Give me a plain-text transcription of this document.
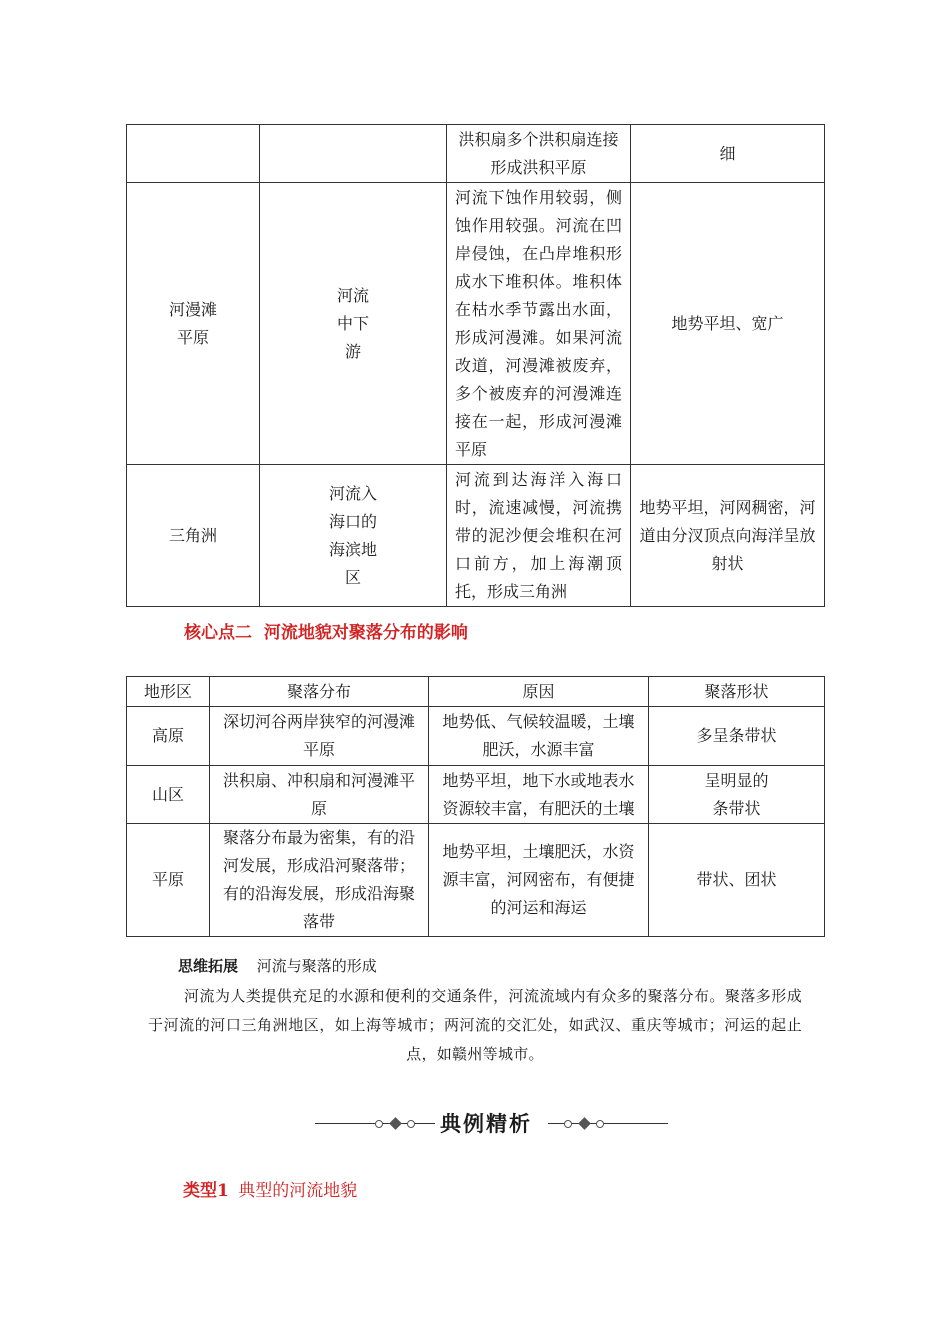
		洪积扇多个洪积扇连接形成洪积平原	细

河漫滩平原	河流中下游	河流下蚀作用较弱，侧蚀作用较强。河流在凹岸侵蚀，在凸岸堆积形成水下堆积体。堆积体在枯水季节露出水面，形成河漫滩。如果河流改道，河漫滩被废弃，多个被废弃的河漫滩连接在一起，形成河漫滩平原	地势平坦、宽广
三角洲	河流入海口的海滨地区	河流到达海洋入海口时，流速减慢，河流携带的泥沙便会堆积在河口前方，加上海潮顶托，形成三角洲	地势平坦，河网稠密，河道由分汊顶点向海洋呈放射状
核心点二  河流地貌对聚落分布的影响
地形区	聚落分布	原因	聚落形状
高原	深切河谷两岸狭窄的河漫滩平原	地势低、气候较温暖，土壤肥沃，水源丰富	多呈条带状
山区	洪积扇、冲积扇和河漫滩平原	地势平坦，地下水或地表水资源较丰富，有肥沃的土壤	呈明显的条带状

平原	聚落分布最为密集，有的沿河发展，形成沿河聚落带；有的沿海发展，形成沿海聚落带	地势平坦，土壤肥沃，水资源丰富，河网密布，有便捷的河运和海运	带状、团状
思维拓展 河流与聚落的形成
河流为人类提供充足的水源和便利的交通条件，河流流域内有众多的聚落分布。聚落多形成于河流的河口三角洲地区，如上海等城市；两河流的交汇处，如武汉、重庆等城市；河运的起止点，如赣州等城市。
典例精析
类型1 典型的河流地貌
